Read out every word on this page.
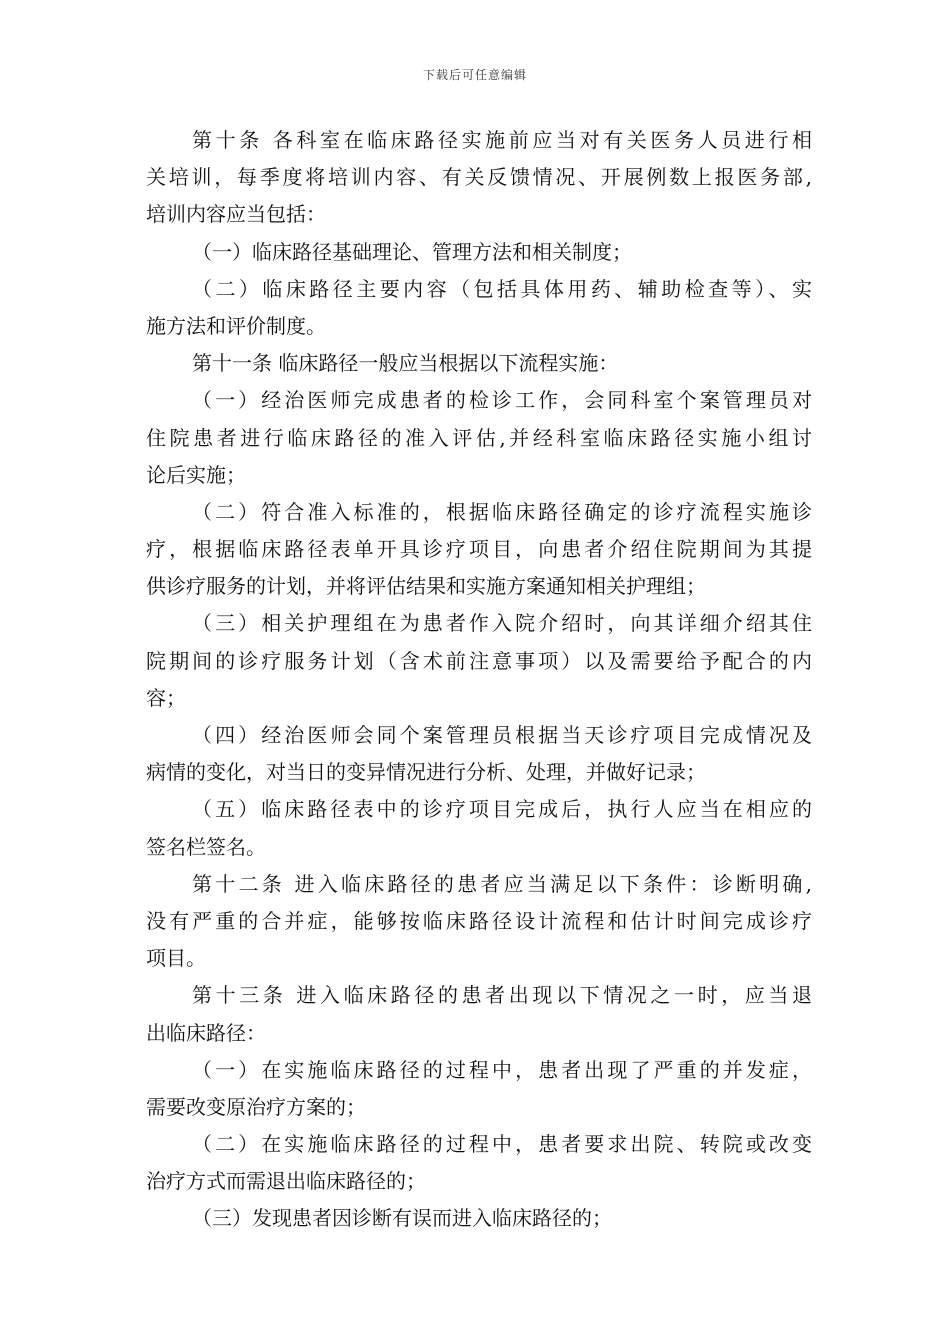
下载后可任意编辑
第十条 各科室在临床路径实施前应当对有关医务人员进行相
关培训，每季度将培训内容、有关反馈情况、开展例数上报医务部,
培训内容应当包括：
（一）临床路径基础理论、管理方法和相关制度；
（二）临床路径主要内容（包括具体用药、辅助检查等）、实
施方法和评价制度。
第十一条 临床路径一般应当根据以下流程实施：
（一）经治医师完成患者的检诊工作，会同科室个案管理员对
住院患者进行临床路径的准入评估,并经科室临床路径实施小组讨
论后实施；
（二）符合准入标准的，根据临床路径确定的诊疗流程实施诊
疗，根据临床路径表单开具诊疗项目，向患者介绍住院期间为其提
供诊疗服务的计划，并将评估结果和实施方案通知相关护理组；
（三）相关护理组在为患者作入院介绍时，向其详细介绍其住
院期间的诊疗服务计划（含术前注意事项）以及需要给予配合的内
容；
（四）经治医师会同个案管理员根据当天诊疗项目完成情况及
病情的变化，对当日的变异情况进行分析、处理，并做好记录；
（五）临床路径表中的诊疗项目完成后，执行人应当在相应的
签名栏签名。
第十二条 进入临床路径的患者应当满足以下条件：诊断明确,
没有严重的合并症，能够按临床路径设计流程和估计时间完成诊疗
项目。
第十三条 进入临床路径的患者出现以下情况之一时，应当退
出临床路径：
（一）在实施临床路径的过程中，患者出现了严重的并发症，
需要改变原治疗方案的；
（二）在实施临床路径的过程中，患者要求出院、转院或改变
治疗方式而需退出临床路径的；
（三）发现患者因诊断有误而进入临床路径的；
